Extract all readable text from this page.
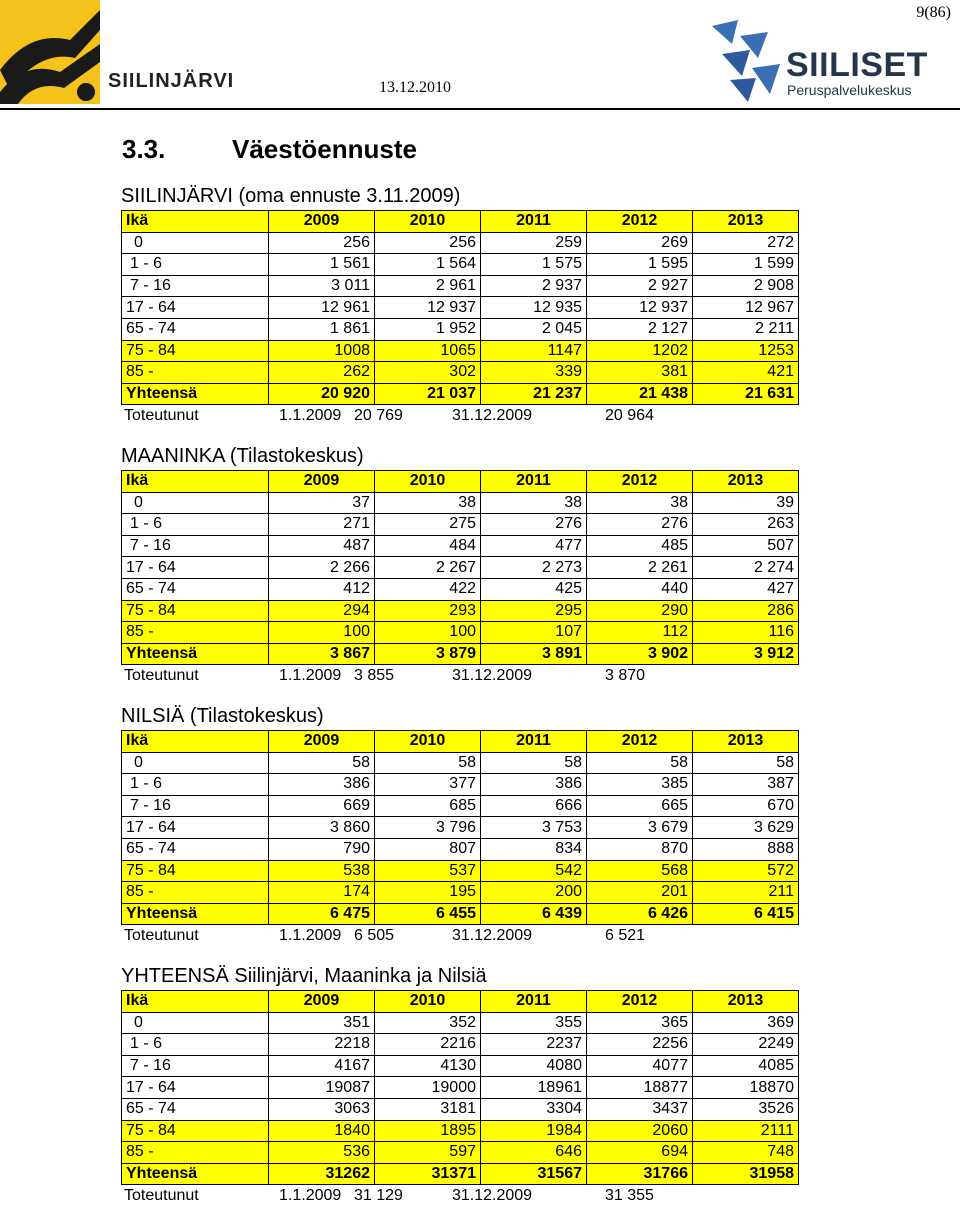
9(86)
SIILINJÄRVI	13.12.2010
SIILISET
Peruspalvelukeskus
3.3.	Väestöennuste
SIILINJÄRVI (oma ennuste 3.11.2009)
Ikä	2009	2010	2011	2012	2013
0	256	256	259	269	272
1 - 6	1 561	1 564	1 575	1 595	1 599
7 - 16	3 011	2 961	2 937	2 927	2 908
17 - 64	12 961	12 937	12 935	12 937	12 967
65 - 74	1 861	1 952	2 045	2 127	2 211
75 - 84	1008	1065	1147	1202	1253
85 -	262	302	339	381	421
Yhteensä	20 920	21 037	21 237	21 438	21 631
Toteutunut	1.1.2009 20 769	31.12.2009	20 964
MAANINKA (Tilastokeskus)
Ikä	2009	2010	2011	2012	2013
0	37	38	38	38	39
1 - 6	271	275	276	276	263
7 - 16	487	484	477	485	507
17 - 64	2 266	2 267	2 273	2 261	2 274
65 - 74	412	422	425	440	427
75 - 84	294	293	295	290	286
85 -	100	100	107	112	116
Yhteensä	3 867	3 879	3 891	3 902	3 912
Toteutunut	1.1.2009 3 855	31.12.2009	3 870
NILSIÄ (Tilastokeskus)
Ikä	2009	2010	2011	2012	2013
0	58	58	58	58	58
1 - 6	386	377	386	385	387
7 - 16	669	685	666	665	670
17 - 64	3 860	3 796	3 753	3 679	3 629
65 - 74	790	807	834	870	888
75 - 84	538	537	542	568	572
85 -	174	195	200	201	211
Yhteensä	6 475	6 455	6 439	6 426	6 415
Toteutunut	1.1.2009 6 505	31.12.2009	6 521
YHTEENSÄ Siilinjärvi, Maaninka ja Nilsiä
Ikä	2009	2010	2011	2012	2013
0	351	352	355	365	369
1 - 6	2218	2216	2237	2256	2249
7 - 16	4167	4130	4080	4077	4085
17 - 64	19087	19000	18961	18877	18870
65 - 74	3063	3181	3304	3437	3526
75 - 84	1840	1895	1984	2060	2111
85 -	536	597	646	694	748
Yhteensä	31262	31371	31567	31766	31958
Toteutunut	1.1.2009 31 129	31.12.2009	31 355
